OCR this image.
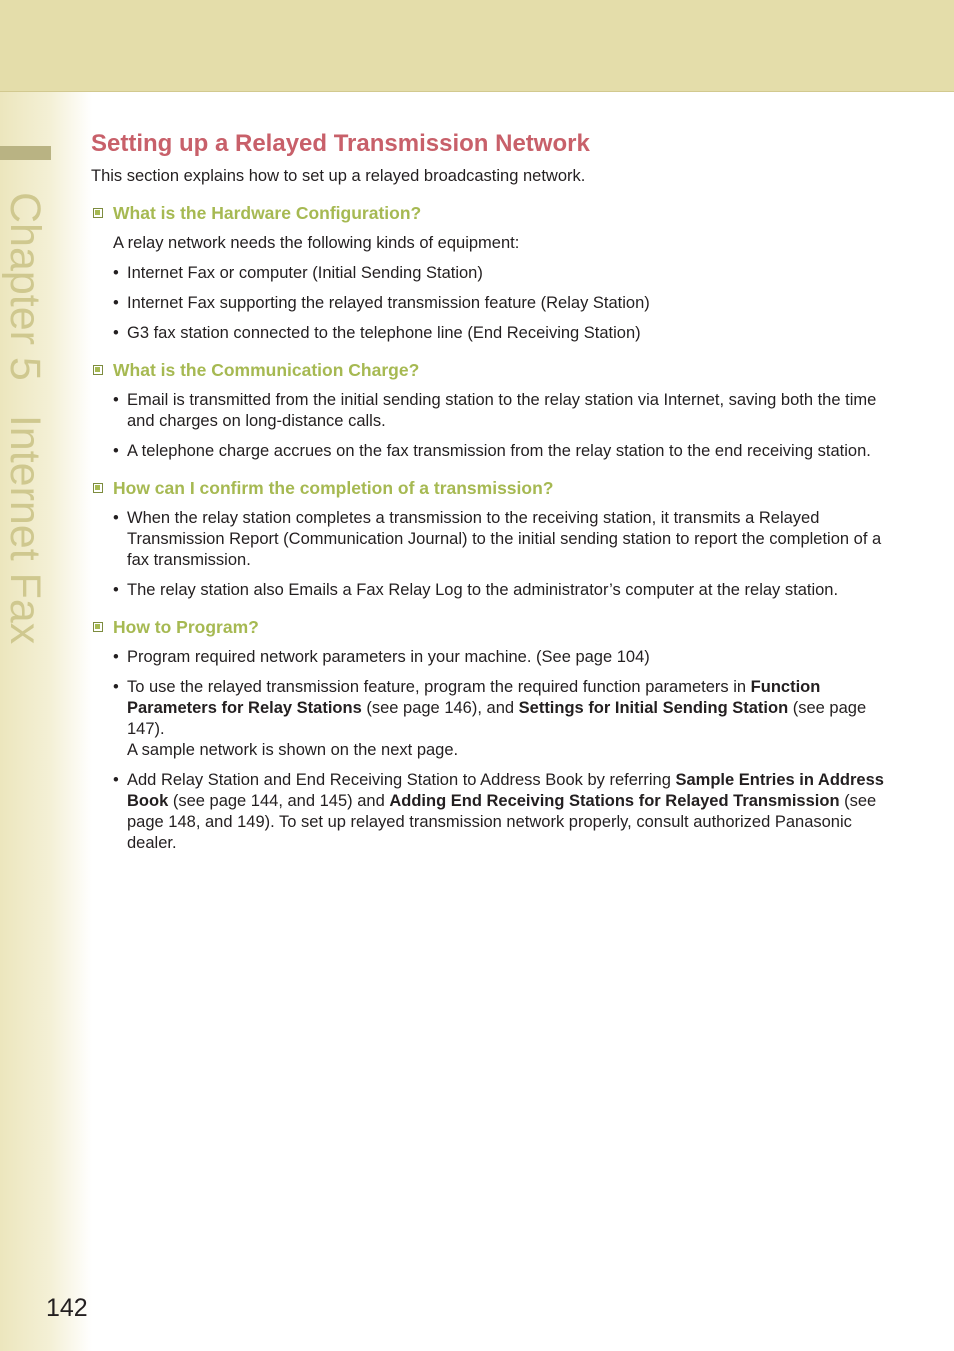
Chapter 5Internet Fax
Setting up a Relayed Transmission Network

This section explains how to set up a relayed broadcasting network.

What is the Hardware Configuration?

A relay network needs the following kinds of equipment:

• Internet Fax or computer (Initial Sending Station)
• Internet Fax supporting the relayed transmission feature (Relay Station)
• G3 fax station connected to the telephone line (End Receiving Station)
What is the Communication Charge?
• Email is transmitted from the initial sending station to the relay station via Internet, saving both the time and charges on long-distance calls.
• A telephone charge accrues on the fax transmission from the relay station to the end receiving station.
How can I confirm the completion of a transmission?
• When the relay station completes a transmission to the receiving station, it transmits a Relayed Transmission Report (Communication Journal) to the initial sending station to report the completion of a fax transmission.
• The relay station also Emails a Fax Relay Log to the administrator’s computer at the relay station.
How to Program?
• Program required network parameters in your machine. (See page 104)
• To use the relayed transmission feature, program the required function parameters in Function Parameters for Relay Stations (see page 146), and Settings for Initial Sending Station (see page 147).
A sample network is shown on the next page.
• Add Relay Station and End Receiving Station to Address Book by referring Sample Entries in Address Book (see page 144, and 145) and Adding End Receiving Stations for Relayed Transmission (see page 148, and 149). To set up relayed transmission network properly, consult authorized Panasonic dealer.
142
